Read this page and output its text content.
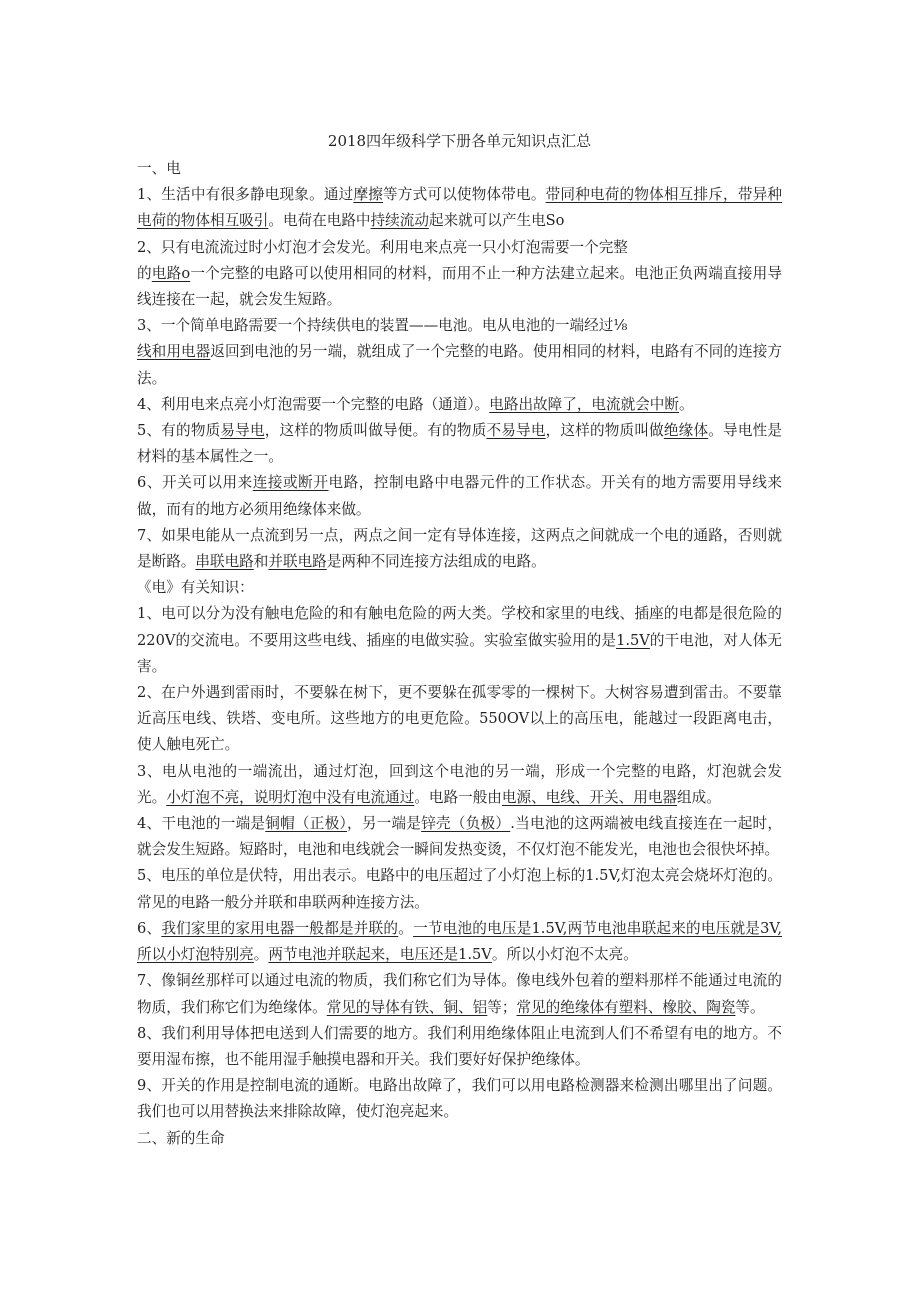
2018四年级科学下册各单元知识点汇总

一、电

1、生活中有很多静电现象。通过摩擦等方式可以使物体带电。带同种电荷的物体相互排斥，带异种电荷的物体相互吸引。电荷在电路中持续流动起来就可以产生电So

2、只有电流流过时小灯泡才会发光。利用电来点亮一只小灯泡需要一个完整

的电路o一个完整的电路可以使用相同的材料，而用不止一种方法建立起来。电池正负两端直接用导线连接在一起，就会发生短路。

3、一个简单电路需要一个持续供电的装置——电池。电从电池的一端经过⅛

线和用电器返回到电池的另一端，就组成了一个完整的电路。使用相同的材料，电路有不同的连接方法。

4、利用电来点亮小灯泡需要一个完整的电路（通道）。电路出故障了，电流就会中断。

5、有的物质易导电，这样的物质叫做导便。有的物质不易导电，这样的物质叫做绝缘体。导电性是材料的基本属性之一。

6、开关可以用来连接或断开电路，控制电路中电器元件的工作状态。开关有的地方需要用导线来做，而有的地方必须用绝缘体来做。

7、如果电能从一点流到另一点，两点之间一定有导体连接，这两点之间就成一个电的通路，否则就是断路。串联电路和并联电路是两种不同连接方法组成的电路。

《电》有关知识：

1、电可以分为没有触电危险的和有触电危险的两大类。学校和家里的电线、插座的电都是很危险的220V的交流电。不要用这些电线、插座的电做实验。实验室做实验用的是1.5V的干电池，对人体无害。

2、在户外遇到雷雨时，不要躲在树下，更不要躲在孤零零的一棵树下。大树容易遭到雷击。不要靠近高压电线、铁塔、变电所。这些地方的电更危险。550OV以上的高压电，能越过一段距离电击，使人触电死亡。

3、电从电池的一端流出，通过灯泡，回到这个电池的另一端，形成一个完整的电路，灯泡就会发光。小灯泡不亮，说明灯泡中没有电流通过。电路一般由电源、电线、开关、用电器组成。

4、干电池的一端是铜帽（正极），另一端是锌壳（负极）.当电池的这两端被电线直接连在一起时，就会发生短路。短路时，电池和电线就会一瞬间发热变烫，不仅灯泡不能发光，电池也会很快坏掉。

5、电压的单位是伏特，用出表示。电路中的电压超过了小灯泡上标的1.5V,灯泡太亮会烧坏灯泡的。常见的电路一般分并联和串联两种连接方法。

6、我们家里的家用电器一般都是并联的。一节电池的电压是1.5V,两节电池串联起来的电压就是3V,所以小灯泡特别亮。两节电池并联起来，电压还是1.5V。所以小灯泡不太亮。

7、像铜丝那样可以通过电流的物质，我们称它们为导体。像电线外包着的塑料那样不能通过电流的物质，我们称它们为绝缘体。常见的导体有铁、铜、铝等；常见的绝缘体有塑料、橡胶、陶瓷等。

8、我们利用导体把电送到人们需要的地方。我们利用绝缘体阻止电流到人们不希望有电的地方。不要用湿布擦，也不能用湿手触摸电器和开关。我们要好好保护绝缘体。

9、开关的作用是控制电流的通断。电路出故障了，我们可以用电路检测器来检测出哪里出了问题。我们也可以用替换法来排除故障，使灯泡亮起来。

二、新的生命
